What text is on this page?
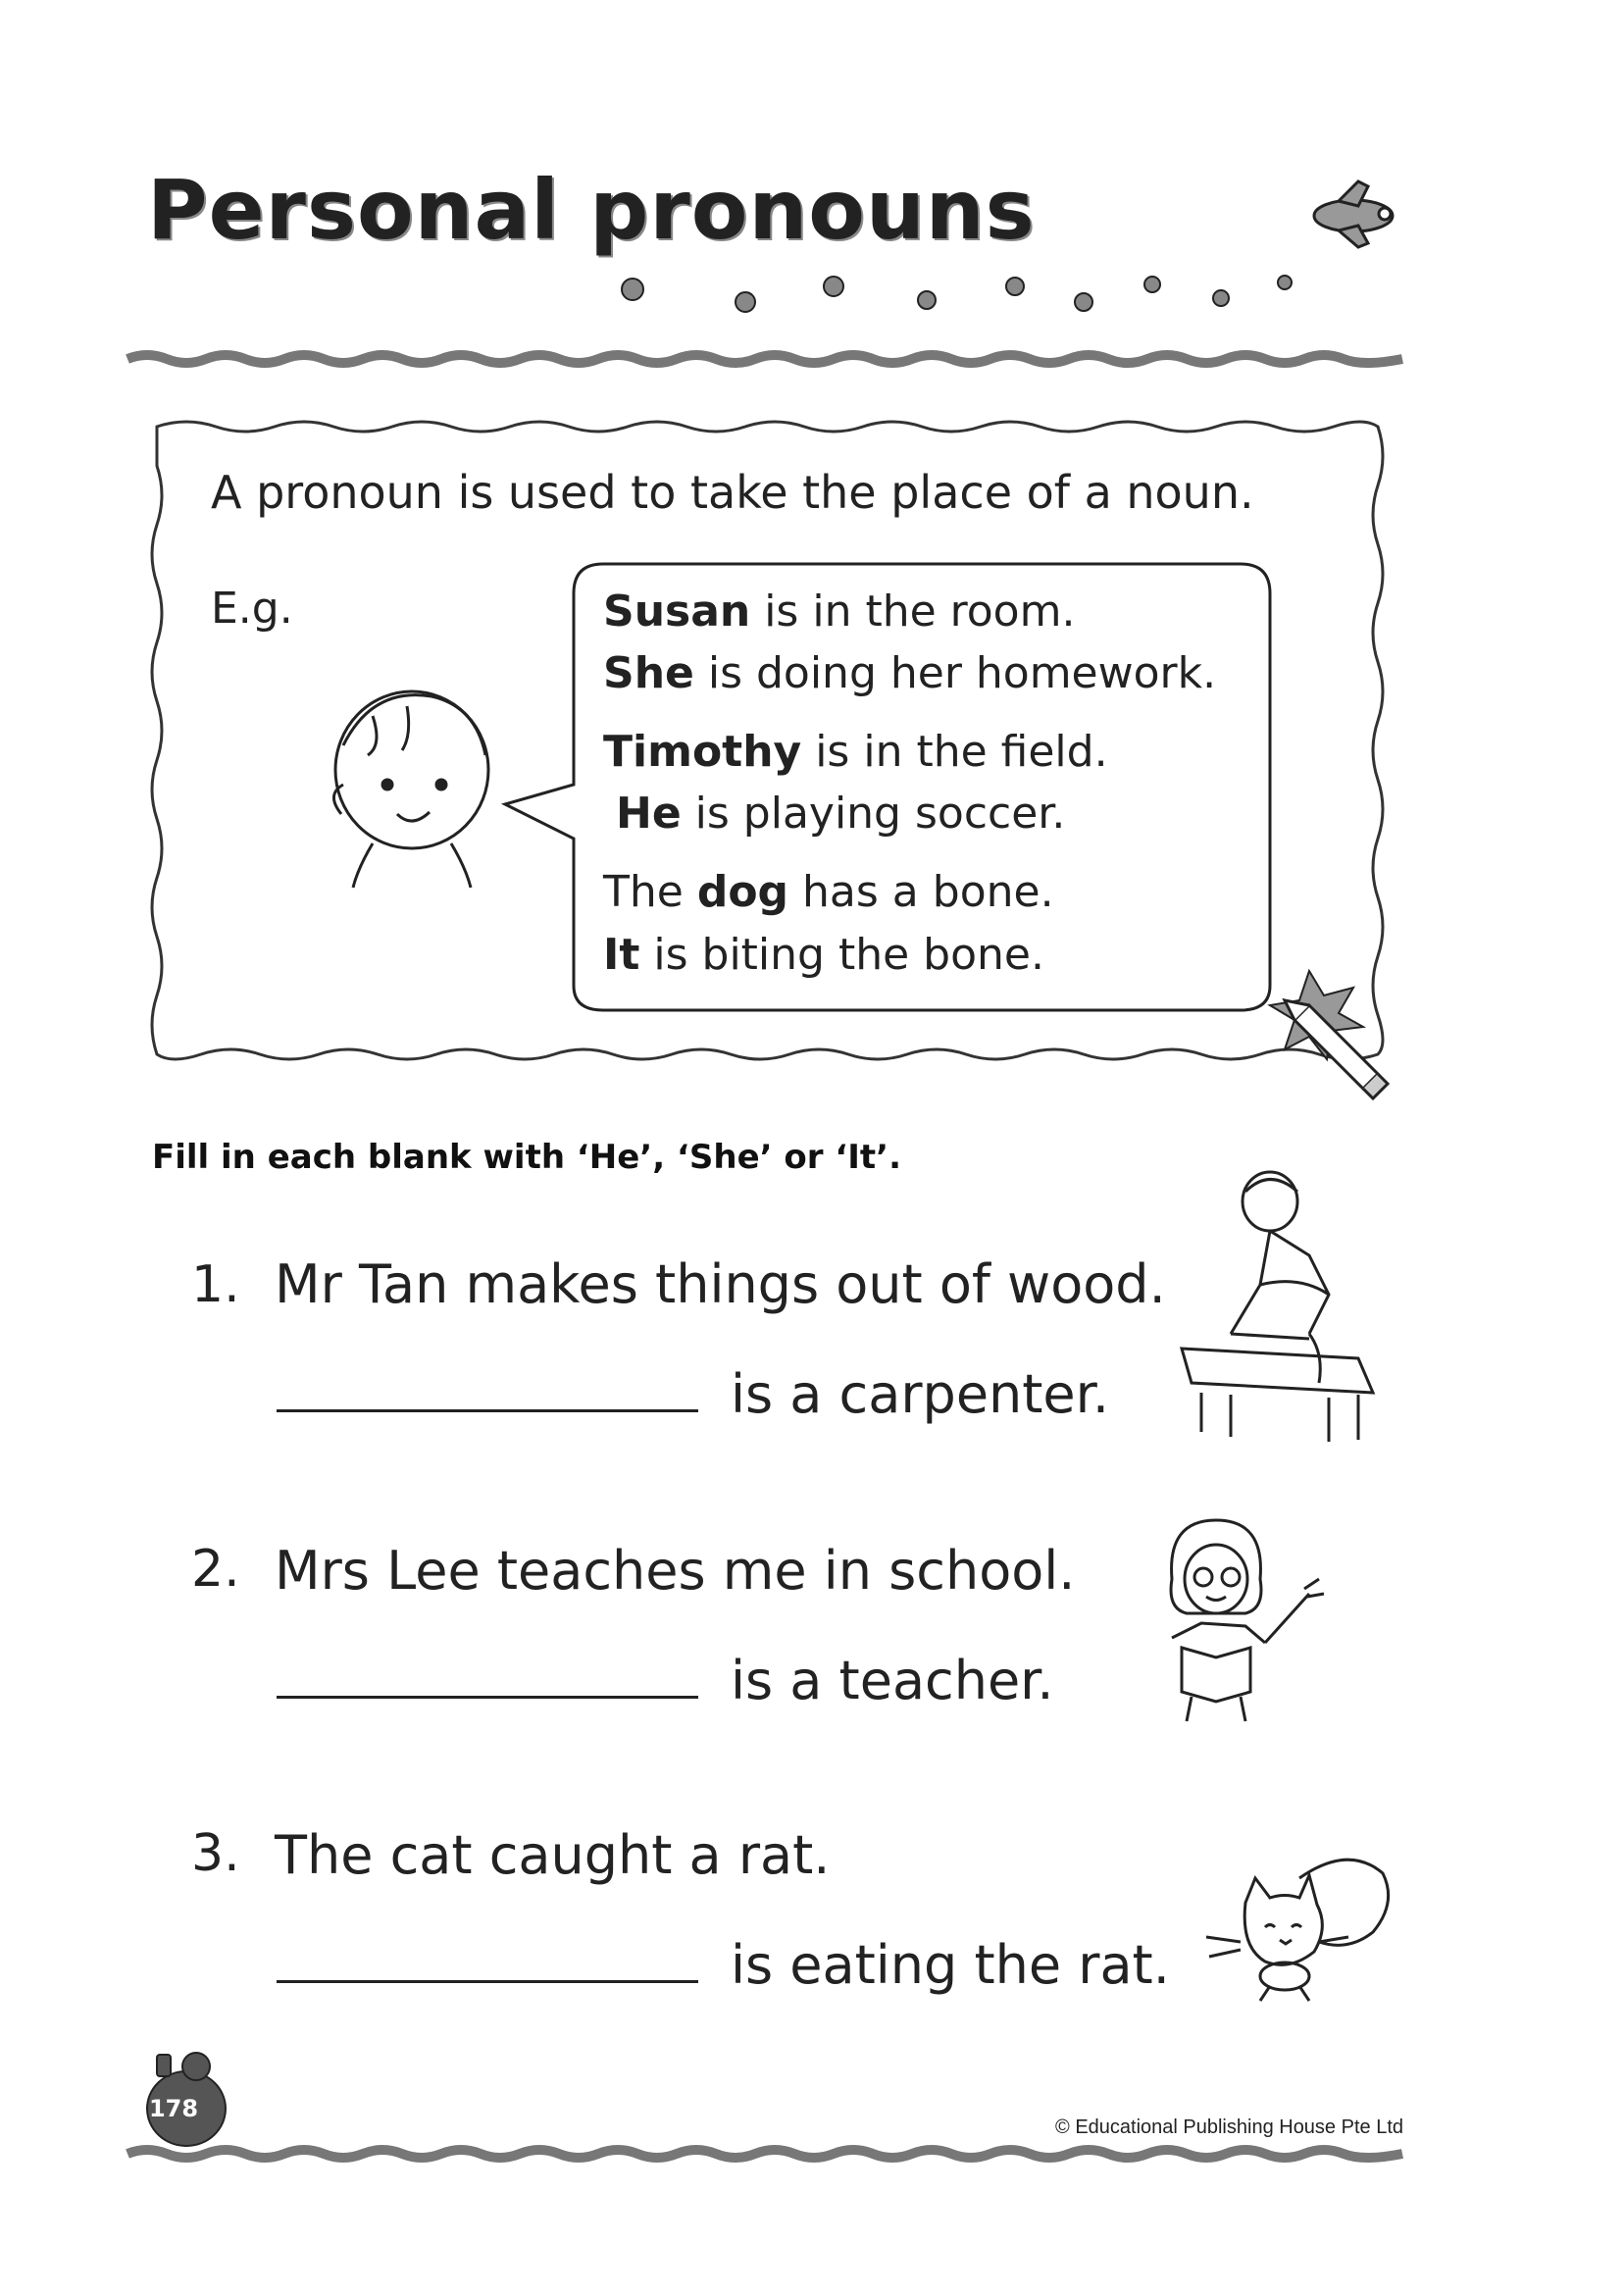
Personal pronouns
A pronoun is used to take the place of a noun.
E.g.	Susan is in the room.
She is doing her homework.
Timothy is in the field.
He is playing soccer.
The dog has a bone.
It is biting the bone.
Fill in each blank with ‘He’, ‘She’ or ‘It’.
1. Mr Tan makes things out of wood.
is a carpenter.
2. Mrs Lee teaches me in school.
is a teacher.
3. The cat caught a rat.
is eating the rat.
178
© Educational Publishing House Pte Ltd
